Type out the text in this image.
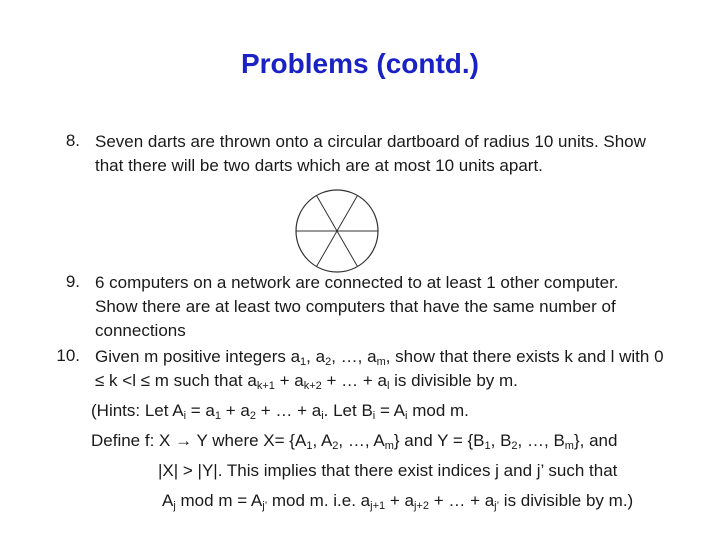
Problems (contd.)
8. Seven darts are thrown onto a circular dartboard of radius 10 units. Show
that there will be two darts which are at most 10 units apart.
9. 6 computers on a network are connected to at least 1 other computer.
Show there are at least two computers that have the same number of
connections
10. Given m positive integers $a_1$, $a_2$, …, $a_m$, show that there exists k and l with 0
≤ k <l ≤ m such that $a_{k+1} + a_{k+2}$ + … + $a_l$ is divisible by m.
(Hints: Let $A_i = a_1 + a_2$ + … + $a_i$. Let $B_i = A_i$ mod m.
Define f: X → Y where $X= \{A_1$, $A_2$, …, $A_m$} and $Y = \{B_1$, $B_2$, …, $B_m$}, and
|X| > |Y|. This implies that there exist indices j and j’ such that
$A_j$ mod $m = A_{j’}$ mod m. i.e. $a_{j+1} + a_{j+2}$ + … + $a_{j’}$ is divisible by m.)
